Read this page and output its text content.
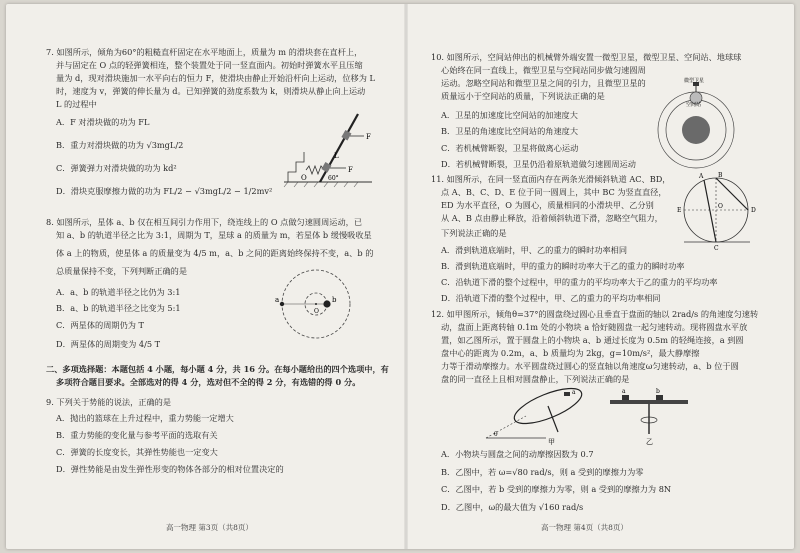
7. 如图所示，倾角为60°的粗糙直杆固定在水平地面上，质量为 m 的滑块套在直杆上，
并与固定在 O 点的轻弹簧相连，整个装置处于同一竖直面内。初始时弹簧水平且压缩
量为 d，现对滑块施加一水平向右的恒力 F，使滑块由静止开始沿杆向上运动，位移为 L
时，速度为 v，弹簧的伸长量为 d。已知弹簧的劲度系数为 k，则滑块从静止向上运动
L 的过程中
A．F 对滑块做的功为 FL
B．重力对滑块做的功为 √3mgL/2
C．弹簧弹力对滑块做的功为 kd²
D．滑块克服摩擦力做的功为 FL/2 − √3mgL/2 − 1/2mv²
8. 如图所示，星体 a、b 仅在相互间引力作用下，绕连线上的 O 点做匀速圆周运动，已
知 a、b 的轨道半径之比为 3:1，周期为 T，星球 a 的质量为 m，若星体 b 缓慢吸收星
体 a 上的物质，使星体 a 的质量变为 4/5 m，a、b 之间的距离始终保持不变，a、b 的
总质量保持不变，下列判断正确的是
A．a、b 的轨道半径之比仍为 3:1
B．a、b 的轨道半径之比变为 5:1
C．两星体的周期仍为 T
D．两星体的周期变为 4/5 T
二、多项选择题：本题包括 4 小题，每小题 4 分，共 16 分。在每小题给出的四个选项中，有
多项符合题目要求。全部选对的得 4 分，选对但不全的得 2 分，有选错的得 0 分。
9. 下列关于势能的说法，正确的是
A．抛出的篮球在上升过程中，重力势能一定增大
B．重力势能的变化量与参考平面的选取有关
C．弹簧的长度变长，其弹性势能也一定变大
D．弹性势能是由发生弹性形变的物体各部分的相对位置决定的
F
F
L
O	60°
a	b
O
高一物理 第3页（共8页）
10. 如图所示，空间站伸出的机械臂外端安置一微型卫星，微型卫星、空间站、地球球
心始终在同一直线上，微型卫星与空间站同步做匀速圆周
运动。忽略空间站和微型卫星之间的引力，且微型卫星的
质量远小于空间站的质量，下列说法正确的是
A．卫星的加速度比空间站的加速度大
B．卫星的角速度比空间站的角速度大
C．若机械臂断裂，卫星将做离心运动
D．若机械臂断裂，卫星仍沿着原轨道做匀速圆周运动
11. 如图所示，在同一竖直面内存在两条光滑倾斜轨道 AC、BD，
点 A、B、C、D、E 位于同一圆周上，其中 BC 为竖直直径，
ED 为水平直径，O 为圆心，质量相同的小滑块甲、乙分别
从 A、B 点由静止释放，沿着倾斜轨道下滑，忽略空气阻力，
下列说法正确的是
A．滑到轨道底端时，甲、乙的重力的瞬时功率相同
B．滑到轨道底端时，甲的重力的瞬时功率大于乙的重力的瞬时功率
C．沿轨道下滑的整个过程中，甲的重力的平均功率大于乙的重力的平均功率
D．沿轨道下滑的整个过程中，甲、乙的重力的平均功率相同
12. 如甲图所示，倾角θ=37°的圆盘绕过圆心且垂直于盘面的轴以 2rad/s 的角速度匀速转
动，盘面上距离转轴 0.1m 处的小物块 a 恰好随圆盘一起匀速转动。现将圆盘水平放
置，如乙图所示，置于圆盘上的小物块 a、b 通过长度为 0.5m 的轻绳连接，a 到圆
盘中心的距离为 0.2m，a、b 质量均为 2kg，g=10m/s²，最大静摩擦
力等于滑动摩擦力。水平圆盘绕过圆心的竖直轴以角速度ω匀速转动，a、b 位于圆
盘的同一直径上且相对圆盘静止，下列说法正确的是
A．小物块与圆盘之间的动摩擦因数为 0.7
B．乙图中，若 ω=√80 rad/s，则 a 受到的摩擦力为零
C．乙图中，若 b 受到的摩擦力为零，则 a 受到的摩擦力为 8N
D．乙图中，ω的最大值为 √160 rad/s
微型卫星
空间站
A B
E	D
O
C
θ
a
甲
a	b
乙
高一物理 第4页（共8页）
